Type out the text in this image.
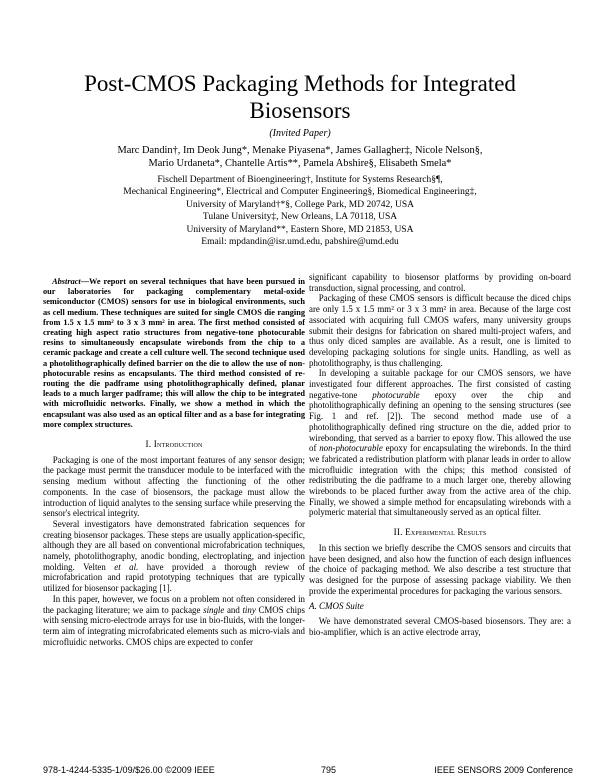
Post-CMOS Packaging Methods for Integrated Biosensors
(Invited Paper)
Marc Dandin†, Im Deok Jung*, Menake Piyasena*, James Gallagher‡, Nicole Nelson§,
Mario Urdaneta*, Chantelle Artis**, Pamela Abshire§, Elisabeth Smela*
Fischell Department of Bioengineering†, Institute for Systems Research§¶,
Mechanical Engineering*, Electrical and Computer Engineering§, Biomedical Engineering‡,
University of Maryland†*§, College Park, MD 20742, USA
Tulane University‡, New Orleans, LA 70118, USA
University of Maryland**, Eastern Shore, MD 21853, USA
Email: mpdandin@isr.umd.edu, pabshire@umd.edu

Abstract—We report on several techniques that have been pursued in our laboratories for packaging complementary metal-oxide semiconductor (CMOS) sensors for use in biological environments, such as cell medium. These techniques are suited for single CMOS die ranging from 1.5 x 1.5 mm² to 3 x 3 mm² in area. The first method consisted of creating high aspect ratio structures from negative-tone photocurable resins to simultaneously encapsulate wirebonds from the chip to a ceramic package and create a cell culture well. The second technique used a photolithographically defined barrier on the die to allow the use of non-photocurable resins as encapsulants. The third method consisted of re-routing the die padframe using photolithographically defined, planar leads to a much larger padframe; this will allow the chip to be integrated with microfluidic networks. Finally, we show a method in which the encapsulant was also used as an optical filter and as a base for integrating more complex structures.

I. Introduction

Packaging is one of the most important features of any sensor design; the package must permit the transducer module to be interfaced with the sensing medium without affecting the functioning of the other components. In the case of biosensors, the package must allow the introduction of liquid analytes to the sensing surface while preserving the sensor's electrical integrity.

Several investigators have demonstrated fabrication sequences for creating biosensor packages. These steps are usually application-specific, although they are all based on conventional microfabrication techniques, namely, photolithography, anodic bonding, electroplating, and injection molding. Velten et al. have provided a thorough review of microfabrication and rapid prototyping techniques that are typically utilized for biosensor packaging [1].

In this paper, however, we focus on a problem not often considered in the packaging literature; we aim to package single and tiny CMOS chips with sensing micro-electrode arrays for use in bio-fluids, with the longer-term aim of integrating microfabricated elements such as micro-vials and microfluidic networks. CMOS chips are expected to confer

significant capability to biosensor platforms by providing on-board transduction, signal processing, and control.

Packaging of these CMOS sensors is difficult because the diced chips are only 1.5 x 1.5 mm² or 3 x 3 mm² in area. Because of the large cost associated with acquiring full CMOS wafers, many university groups submit their designs for fabrication on shared multi-project wafers, and thus only diced samples are available. As a result, one is limited to developing packaging solutions for single units. Handling, as well as photolithography, is thus challenging.

In developing a suitable package for our CMOS sensors, we have investigated four different approaches. The first consisted of casting negative-tone photocurable epoxy over the chip and photolithographically defining an opening to the sensing structures (see Fig. 1 and ref. [2]). The second method made use of a photolithographically defined ring structure on the die, added prior to wirebonding, that served as a barrier to epoxy flow. This allowed the use of non-photocurable epoxy for encapsulating the wirebonds. In the third we fabricated a redistribution platform with planar leads in order to allow microfluidic integration with the chips; this method consisted of redistributing the die padframe to a much larger one, thereby allowing wirebonds to be placed further away from the active area of the chip. Finally, we showed a simple method for encapsulating wirebonds with a polymeric material that simultaneously served as an optical filter.

II. Experimental Results

In this section we briefly describe the CMOS sensors and circuits that have been designed, and also how the function of each design influences the choice of packaging method. We also describe a test structure that was designed for the purpose of assessing package viability. We then provide the experimental procedures for packaging the various sensors.

A. CMOS Suite

We have demonstrated several CMOS-based biosensors. They are: a bio-amplifier, which is an active electrode array,

978-1-4244-5335-1/09/$26.00 ©2009 IEEE	795	IEEE SENSORS 2009 Conference
